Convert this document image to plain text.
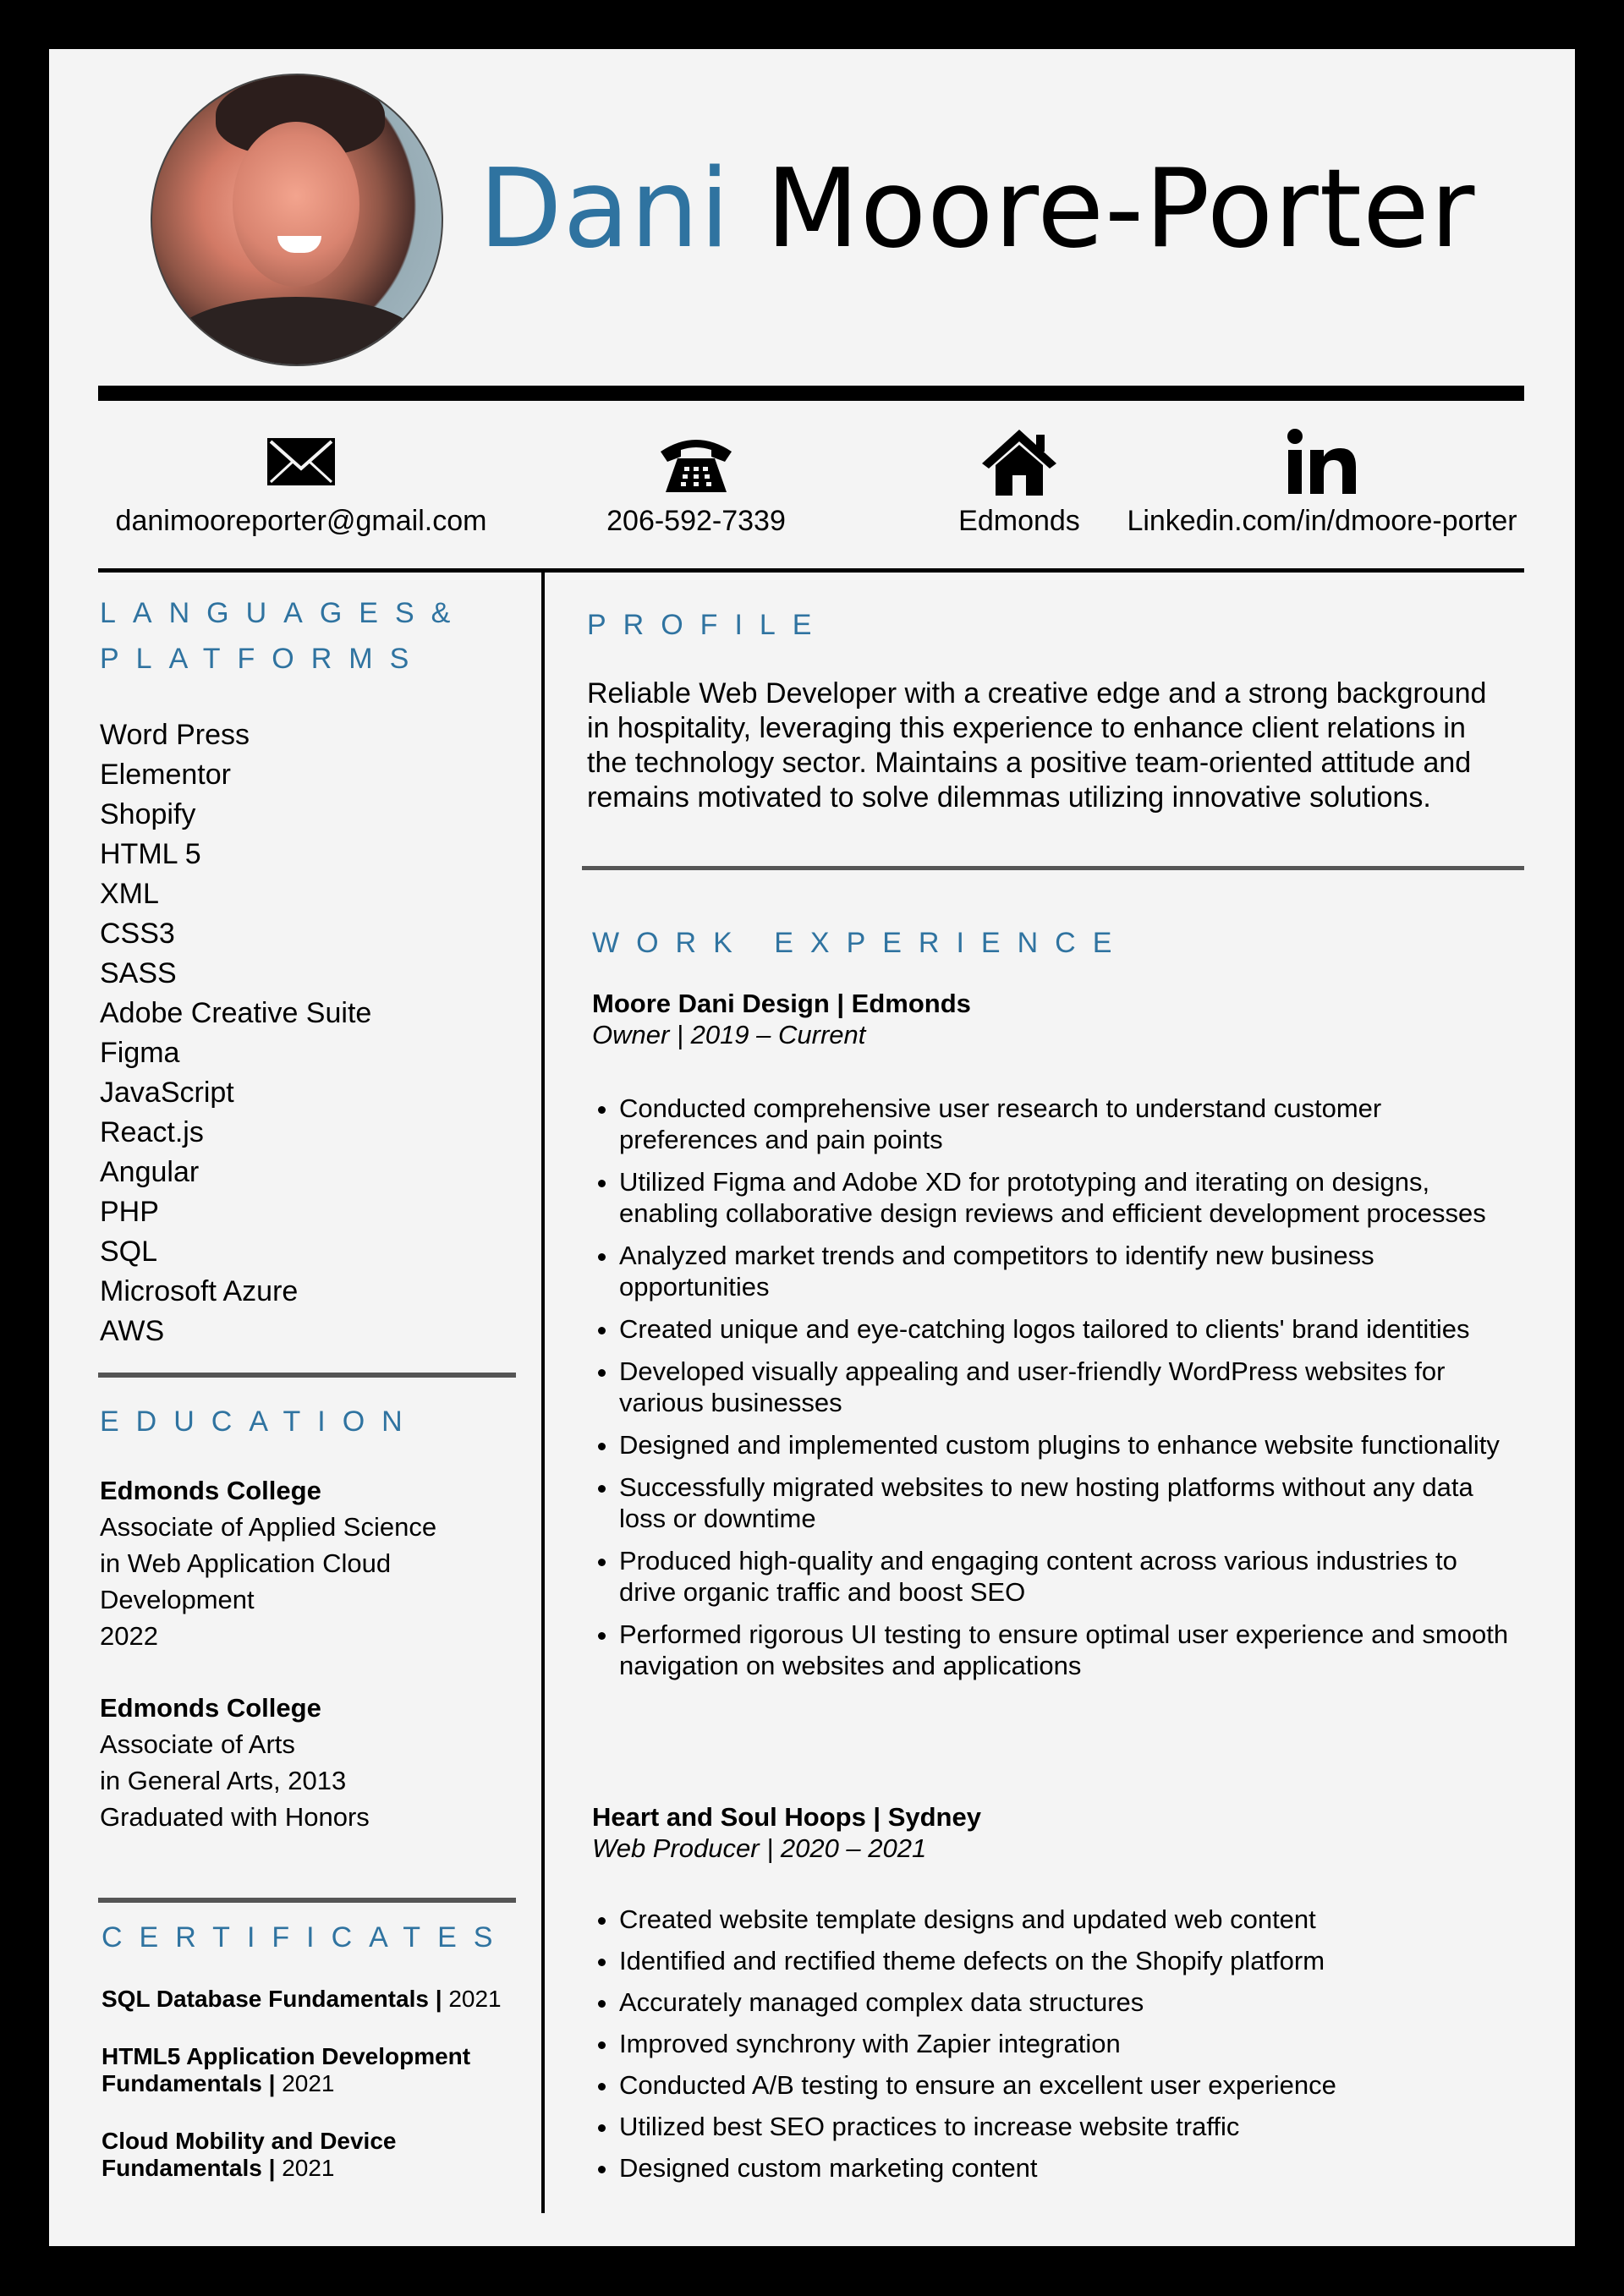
Dani Moore-Porter
danimooreporter@gmail.com	206-592-7339	Edmonds	Linkedin.com/in/dmoore-porter
LANGUAGES& PLATFORMS
Word Press
Elementor
Shopify
HTML 5
XML
CSS3
SASS
Adobe Creative Suite
Figma
JavaScript
React.js
Angular
PHP
SQL
Microsoft Azure
AWS
EDUCATION
Edmonds College
Associate of Applied Science
in Web Application Cloud
Development
2022
Edmonds College
Associate of Arts
in General Arts, 2013
Graduated with Honors
CERTIFICATES
SQL Database Fundamentals | 2021
HTML5 Application Development Fundamentals | 2021
Cloud Mobility and Device Fundamentals | 2021
PROFILE
Reliable Web Developer with a creative edge and a strong background in hospitality, leveraging this experience to enhance client relations in the technology sector. Maintains a positive team-oriented attitude and remains motivated to solve dilemmas utilizing innovative solutions.
WORK EXPERIENCE
Moore Dani Design | Edmonds
Owner | 2019 – Current
• Conducted comprehensive user research to understand customer preferences and pain points
• Utilized Figma and Adobe XD for prototyping and iterating on designs, enabling collaborative design reviews and efficient development processes
• Analyzed market trends and competitors to identify new business opportunities
• Created unique and eye-catching logos tailored to clients' brand identities
• Developed visually appealing and user-friendly WordPress websites for various businesses
• Designed and implemented custom plugins to enhance website functionality
• Successfully migrated websites to new hosting platforms without any data loss or downtime
• Produced high-quality and engaging content across various industries to drive organic traffic and boost SEO
• Performed rigorous UI testing to ensure optimal user experience and smooth navigation on websites and applications
Heart and Soul Hoops | Sydney
Web Producer | 2020 – 2021
• Created website template designs and updated web content
• Identified and rectified theme defects on the Shopify platform
• Accurately managed complex data structures
• Improved synchrony with Zapier integration
• Conducted A/B testing to ensure an excellent user experience
• Utilized best SEO practices to increase website traffic
• Designed custom marketing content
